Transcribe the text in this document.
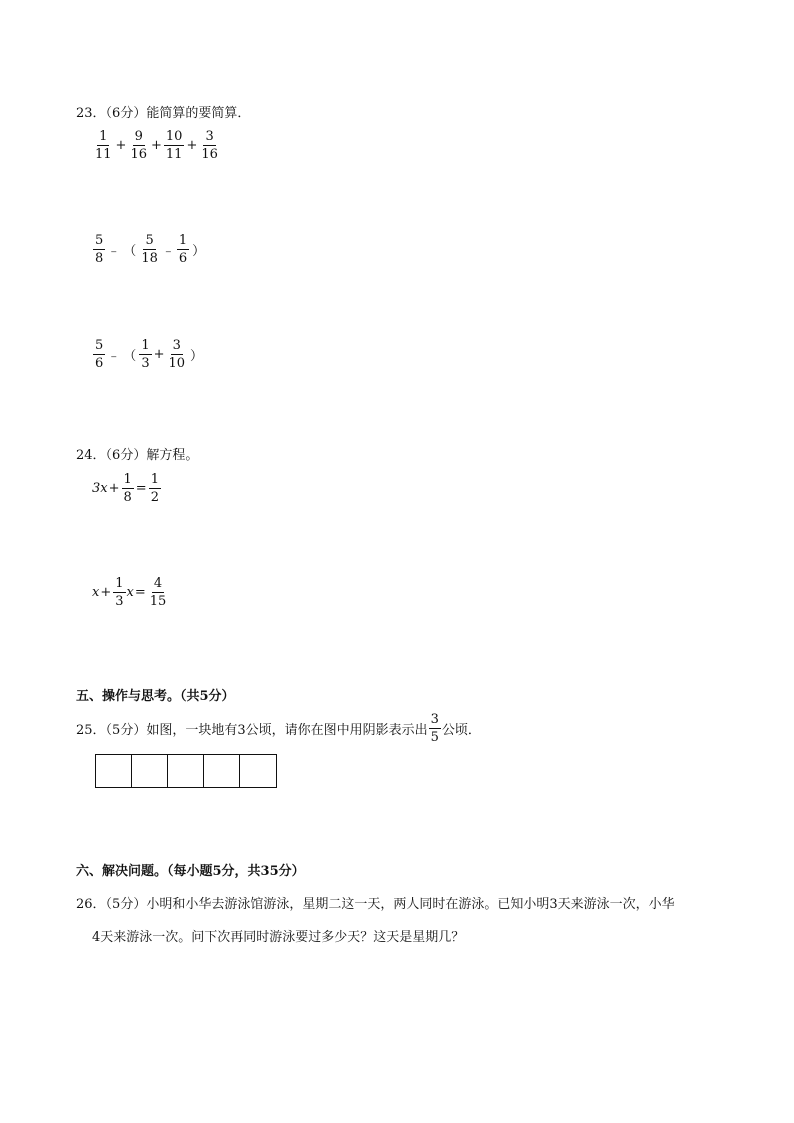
23．（6分）能简算的要简算．
$\frac{1}{11} + \frac{9}{16} + \frac{10}{11} + \frac{3}{16}$
$\frac{5}{8}$ ﹣ （ $\frac{5}{18}$ ﹣ $\frac{1}{6}$ ）
$\frac{5}{6}$ ﹣ （ $\frac{1}{3} + \frac{3}{10}$ ）
24．（6分）解方程。
$3x + \frac{1}{8} = \frac{1}{2}$
$x + \frac{1}{3}$ $x = \frac{4}{15}$
五、操作与思考。（共5分）
25．（5分）如图，一块地有3公顷，请你在图中用阴影表示出 $\frac{3}{5}$ 公顷．
六、解决问题。（每小题5分，共35分）
26．（5分）小明和小华去游泳馆游泳，星期二这一天，两人同时在游泳。已知小明3天来游泳一次，小华
4天来游泳一次。问下次再同时游泳要过多少天？这天是星期几？
